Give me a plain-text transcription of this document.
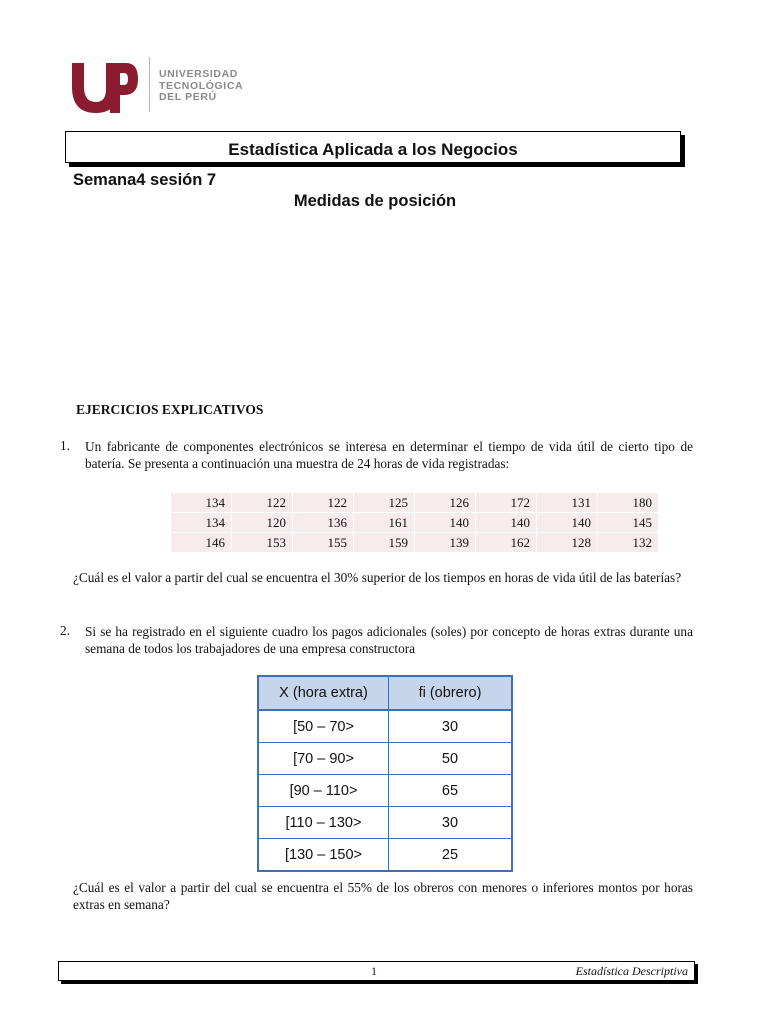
UNIVERSIDAD
TECNOLÓGICA
DEL PERÚ
Estadística Aplicada a los Negocios
Semana4 sesión 7
Medidas de posición
EJERCICIOS EXPLICATIVOS
1. Un fabricante de componentes electrónicos se interesa en determinar el tiempo de vida útil de cierto tipo de batería. Se presenta a continuación una muestra de 24 horas de vida registradas:
134	122	122	125	126	172	131	180
134	120	136	161	140	140	140	145
146	153	155	159	139	162	128	132
¿Cuál es el valor a partir del cual se encuentra el 30% superior de los tiempos en horas de vida útil de las baterías?
2. Si se ha registrado en el siguiente cuadro los pagos adicionales (soles) por concepto de horas extras durante una semana de todos los trabajadores de una empresa constructora
X (hora extra)	fi (obrero)
[50 – 70>	30
[70 – 90>	50
[90 – 110>	65
[110 – 130>	30
[130 – 150>	25
¿Cuál es el valor a partir del cual se encuentra el 55% de los obreros con menores o inferiores montos por horas extras en semana?
1	Estadística Descriptiva
